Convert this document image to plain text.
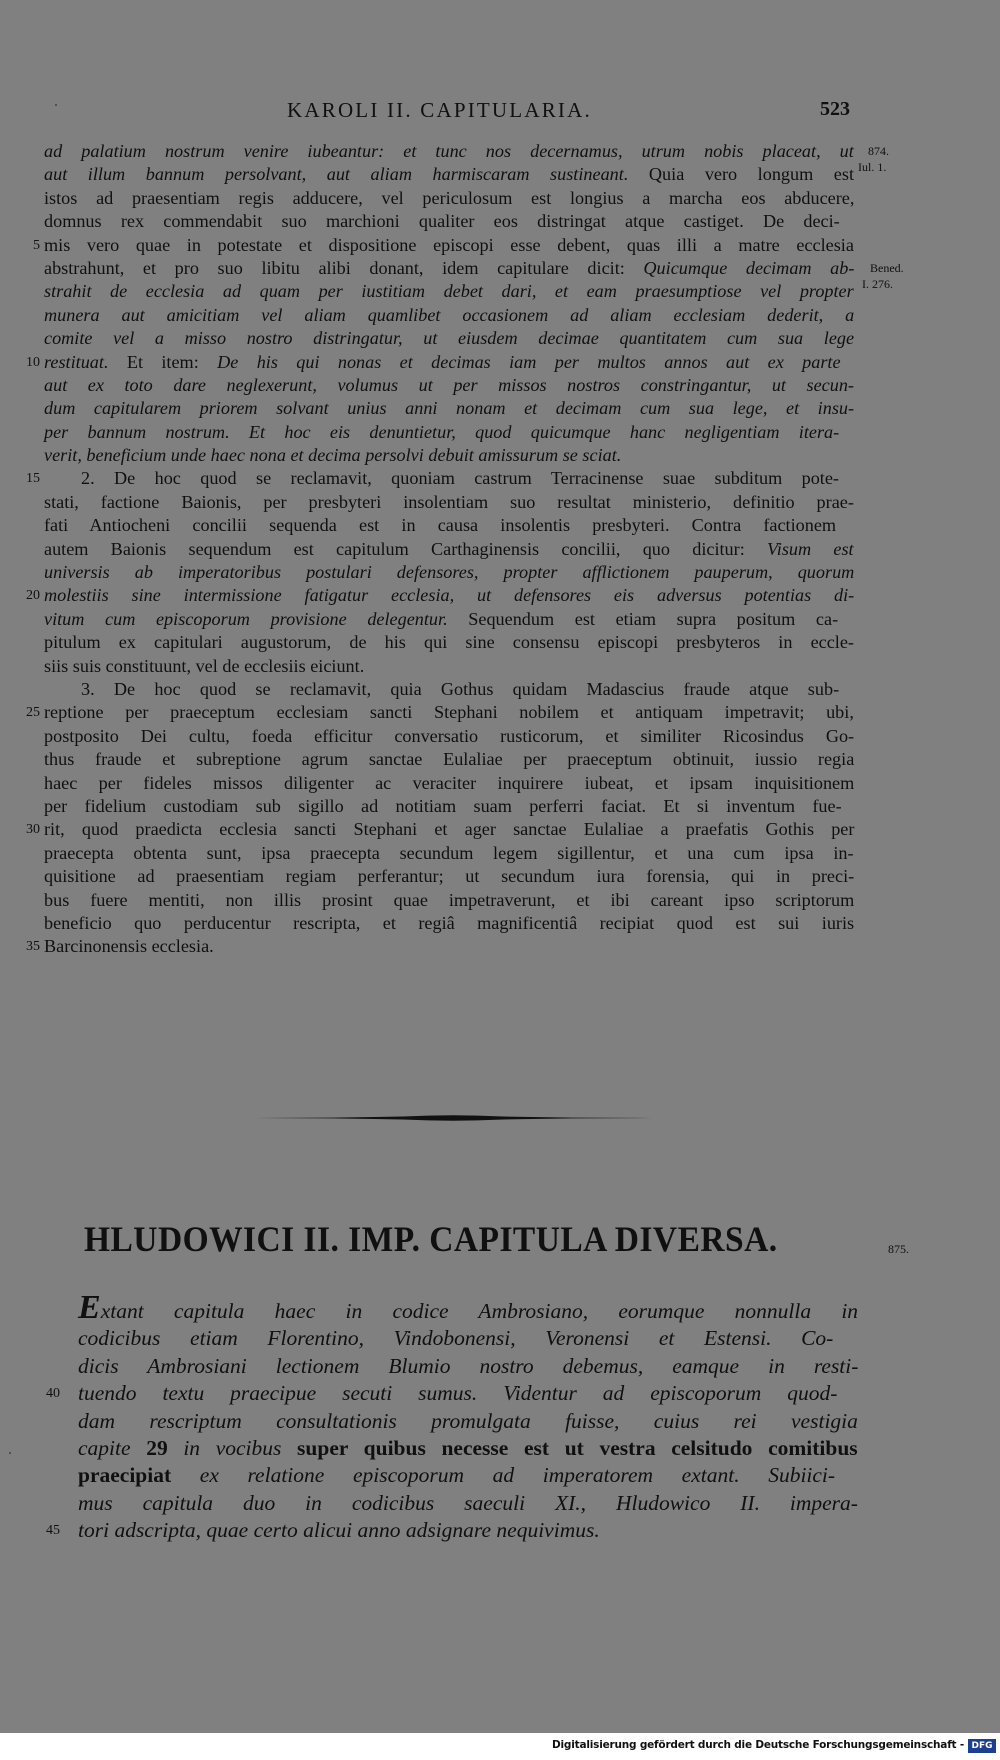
KAROLI II. CAPITULARIA.	523
ad palatium nostrum venire iubeantur: et tunc nos decernamus, utrum nobis placeat, ut
aut illum bannum persolvant, aut aliam harmiscaram sustineant. Quia vero longum est
istos ad praesentiam regis adducere, vel periculosum est longius a marcha eos abducere,
domnus rex commendabit suo marchioni qualiter eos distringat atque castiget. De deci-
5 mis vero quae in potestate et dispositione episcopi esse debent, quas illi a matre ecclesia
abstrahunt, et pro suo libitu alibi donant, idem capitulare dicit: Quicumque decimam ab-
strahit de ecclesia ad quam per iustitiam debet dari, et eam praesumptiose vel propter
munera aut amicitiam vel aliam quamlibet occasionem ad aliam ecclesiam dederit, a
comite vel a misso nostro distringatur, ut eiusdem decimae quantitatem cum sua lege
10 restituat. Et item: De his qui nonas et decimas iam per multos annos aut ex parte
aut ex toto dare neglexerunt, volumus ut per missos nostros constringantur, ut secun-
dum capitularem priorem solvant unius anni nonam et decimam cum sua lege, et insu-
per bannum nostrum. Et hoc eis denuntietur, quod quicumque hanc negligentiam itera-
verit, beneficium unde haec nona et decima persolvi debuit amissurum se sciat.
15 2. De hoc quod se reclamavit, quoniam castrum Terracinense suae subditum pote-
stati, factione Baionis, per presbyteri insolentiam suo resultat ministerio, definitio prae-
fati Antiocheni concilii sequenda est in causa insolentis presbyteri. Contra factionem
autem Baionis sequendum est capitulum Carthaginensis concilii, quo dicitur: Visum est
universis ab imperatoribus postulari defensores, propter afflictionem pauperum, quorum
20 molestiis sine intermissione fatigatur ecclesia, ut defensores eis adversus potentias di-
vitum cum episcoporum provisione delegentur. Sequendum est etiam supra positum ca-
pitulum ex capitulari augustorum, de his qui sine consensu episcopi presbyteros in eccle-
siis suis constituunt, vel de ecclesiis eiciunt.
3. De hoc quod se reclamavit, quia Gothus quidam Madascius fraude atque sub-
25 reptione per praeceptum ecclesiam sancti Stephani nobilem et antiquam impetravit; ubi,
postposito Dei cultu, foeda efficitur conversatio rusticorum, et similiter Ricosindus Go-
thus fraude et subreptione agrum sanctae Eulaliae per praeceptum obtinuit, iussio regia
haec per fideles missos diligenter ac veraciter inquirere iubeat, et ipsam inquisitionem
per fidelium custodiam sub sigillo ad notitiam suam perferri faciat. Et si inventum fue-
30 rit, quod praedicta ecclesia sancti Stephani et ager sanctae Eulaliae a praefatis Gothis per
praecepta obtenta sunt, ipsa praecepta secundum legem sigillentur, et una cum ipsa in-
quisitione ad praesentiam regiam perferantur; ut secundum iura forensia, qui in preci-
bus fuere mentiti, non illis prosint quae impetraverunt, et ibi careant ipso scriptorum
beneficio quo perducentur rescripta, et regiâ magnificentiâ recipiat quod est sui iuris
35 Barcinonensis ecclesia.
874.
Iul. 1.
Bened.
I. 276.
HLUDOWICI II. IMP. CAPITULA DIVERSA.	875.
Extant capitula haec in codice Ambrosiano, eorumque nonnulla in
codicibus etiam Florentino, Vindobonensi, Veronensi et Estensi. Co-
dicis Ambrosiani lectionem Blumio nostro debemus, eamque in resti-
40 tuendo textu praecipue secuti sumus. Videntur ad episcoporum quod-
dam rescriptum consultationis promulgata fuisse, cuius rei vestigia
capite 29 in vocibus super quibus necesse est ut vestra celsitudo comitibus
praecipiat ex relatione episcoporum ad imperatorem extant. Subiici-
mus capitula duo in codicibus saeculi XI., Hludowico II. impera-
45 tori adscripta, quae certo alicui anno adsignare nequivimus.
Digitalisierung gefördert durch die Deutsche Forschungsgemeinschaft - DFG
